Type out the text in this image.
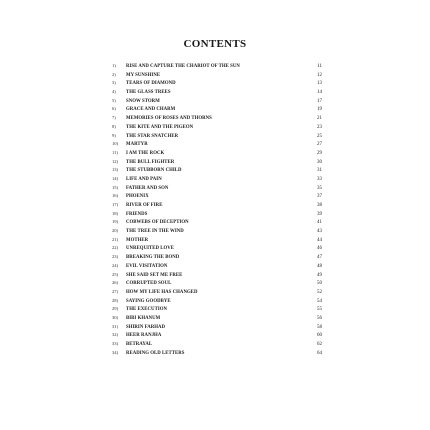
CONTENTS
1)	RISE AND CAPTURE THE CHARIOT OF THE SUN	11
2)	MY SUNSHINE	12
3)	TEARS OF DIAMOND	13
4)	THE GLASS TREES	14
5)	SNOW STORM	17
6)	GRACE AND CHARM	19
7)	MEMORIES OF ROSES AND THORNS	21
8)	THE KITE AND THE PIGEON	23
9)	THE STAR SNATCHER	25
10)	MARTYR	27
11)	I AM THE ROCK	29
12)	THE BULL FIGHTER	30
13)	THE STUBBORN CHILD	31
14)	LIFE AND PAIN	33
15)	FATHER AND SON	35
16)	PHOENIX	37
17)	RIVER OF FIRE	38
18)	FRIENDS	39
19)	COBWEBS OF DECEPTION	41
20)	THE TREE IN THE WIND	43
21)	MOTHER	44
22)	UNREQUITED LOVE	46
23)	BREAKING THE BOND	47
24)	EVIL VISITATION	48
25)	SHE SAID SET ME FREE	49
26)	CORRUPTED SOUL	50
27)	HOW MY LIFE HAS CHANGED	52
28)	SAYING GOODBYE	54
29)	THE EXECUTION	55
30)	BIBI KHANUM	56
31)	SHIRIN FARHAD	58
32)	HEER RANJHA	60
33)	BETRAYAL	62
34)	READING OLD LETTERS	64
